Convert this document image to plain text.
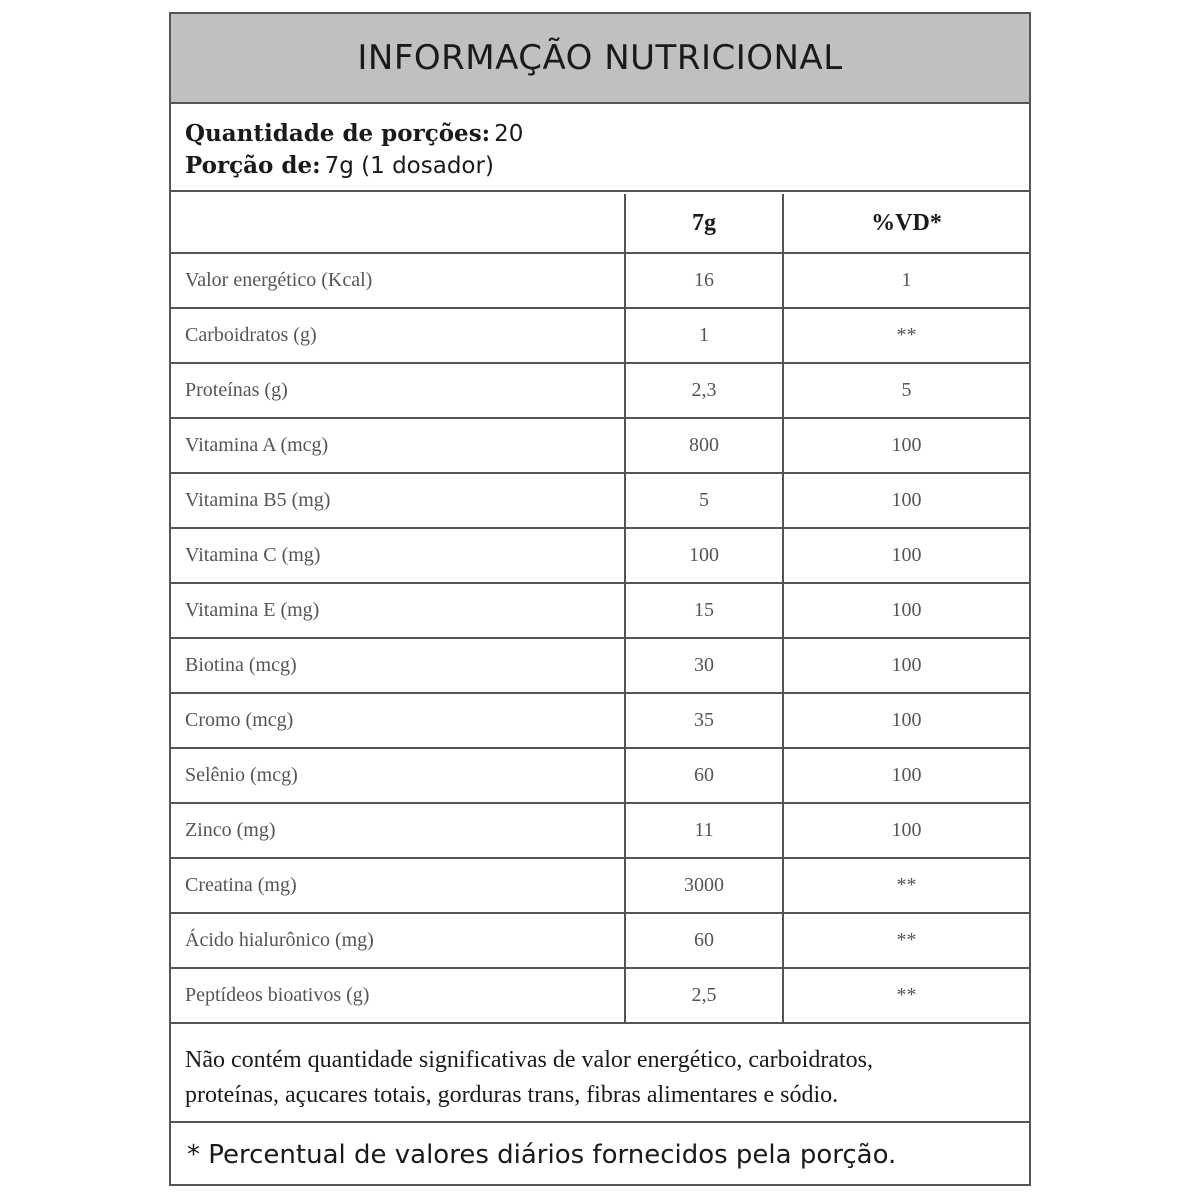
INFORMAÇÃO NUTRICIONAL
Quantidade de porções: 20
Porção de: 7g (1 dosador)
	7g	%VD*
Valor energético (Kcal)	16	1
Carboidratos (g)	1	**
Proteínas (g)	2,3	5
Vitamina A (mcg)	800	100
Vitamina B5 (mg)	5	100
Vitamina C (mg)	100	100
Vitamina E (mg)	15	100
Biotina (mcg)	30	100
Cromo (mcg)	35	100
Selênio (mcg)	60	100
Zinco (mg)	11	100
Creatina (mg)	3000	**
Ácido hialurônico (mg)	60	**
Peptídeos bioativos (g)	2,5	**
Não contém quantidade significativas de valor energético, carboidratos,
proteínas, açucares totais, gorduras trans, fibras alimentares e sódio.
* Percentual de valores diários fornecidos pela porção.
